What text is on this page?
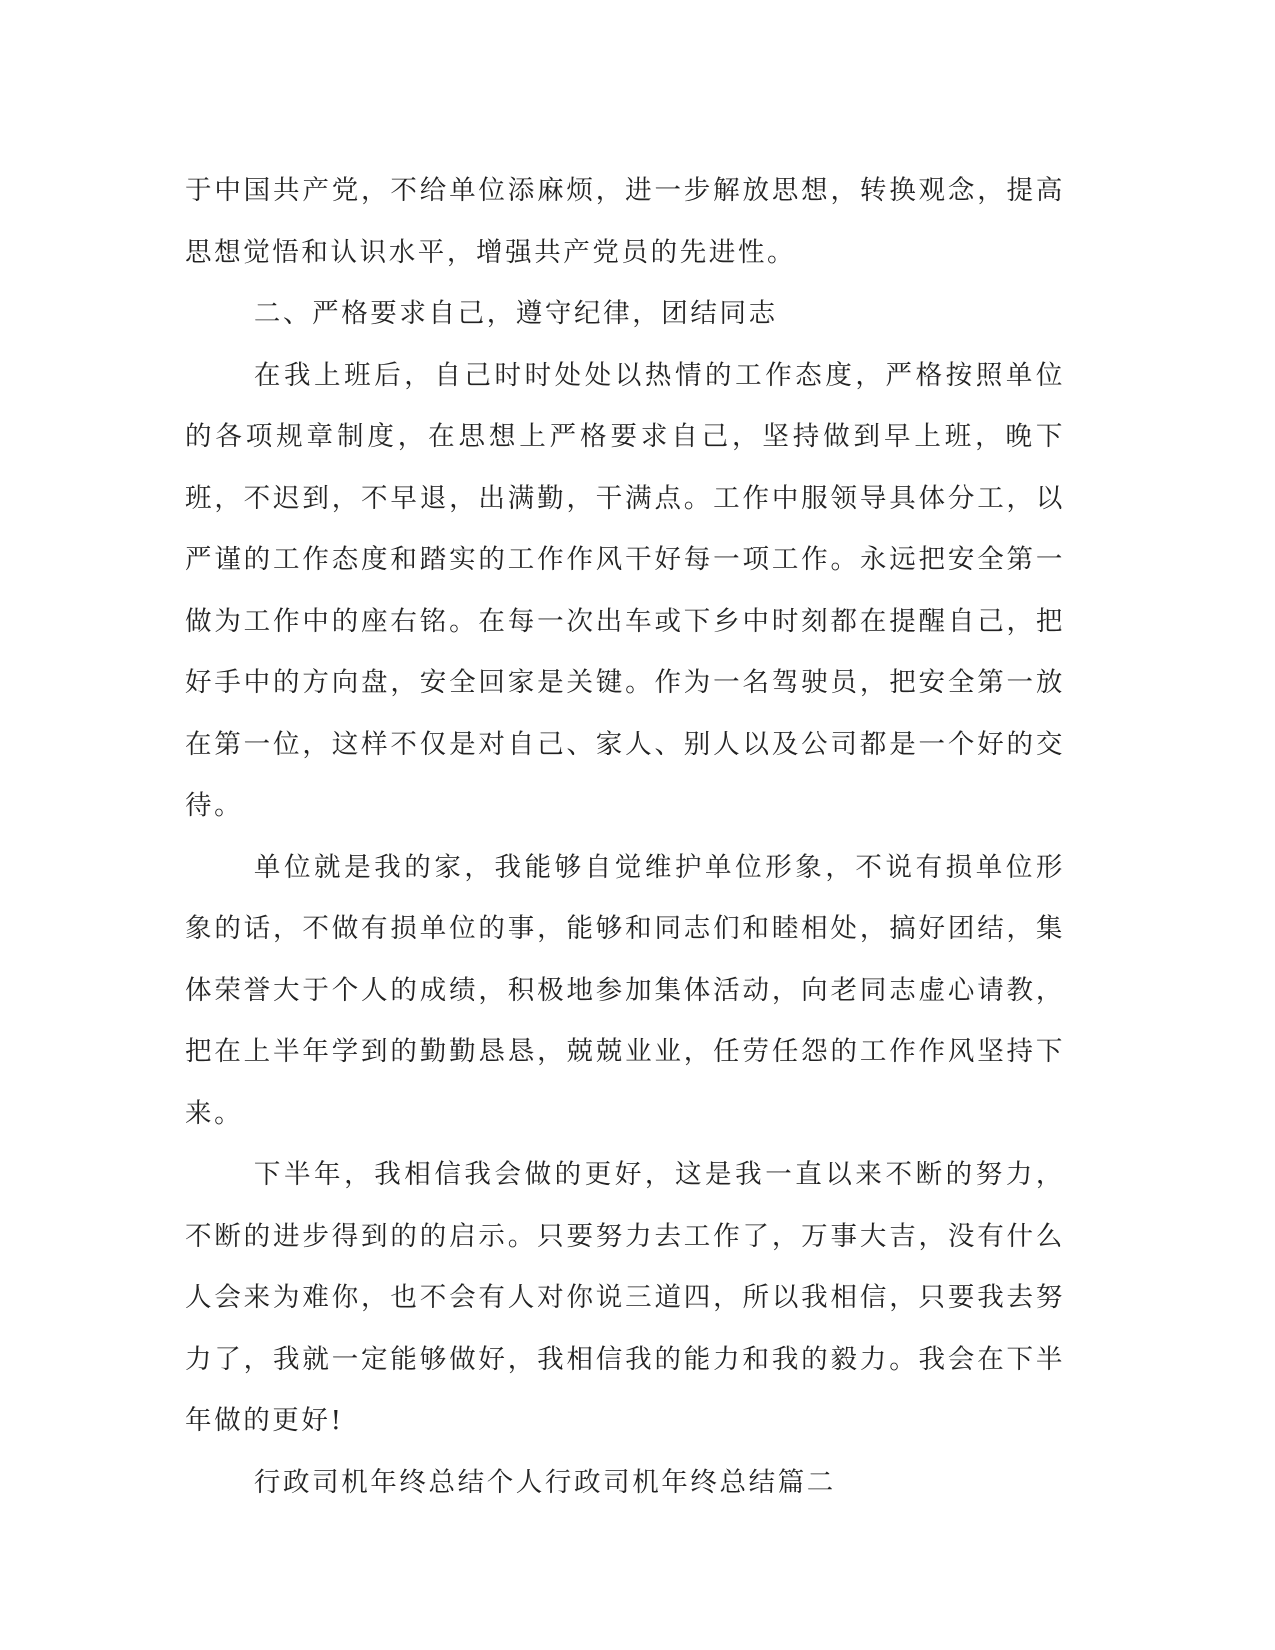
于中国共产党，不给单位添麻烦，进一步解放思想，转换观念，提高思想觉悟和认识水平，增强共产党员的先进性。

二、严格要求自己，遵守纪律，团结同志

在我上班后，自己时时处处以热情的工作态度，严格按照单位的各项规章制度，在思想上严格要求自己，坚持做到早上班，晚下班，不迟到，不早退，出满勤，干满点。工作中服领导具体分工，以严谨的工作态度和踏实的工作作风干好每一项工作。永远把安全第一做为工作中的座右铭。在每一次出车或下乡中时刻都在提醒自己，把好手中的方向盘，安全回家是关键。作为一名驾驶员，把安全第一放在第一位，这样不仅是对自己、家人、别人以及公司都是一个好的交待。

单位就是我的家，我能够自觉维护单位形象，不说有损单位形象的话，不做有损单位的事，能够和同志们和睦相处，搞好团结，集体荣誉大于个人的成绩，积极地参加集体活动，向老同志虚心请教，把在上半年学到的勤勤恳恳，兢兢业业，任劳任怨的工作作风坚持下来。

下半年，我相信我会做的更好，这是我一直以来不断的努力，不断的进步得到的的启示。只要努力去工作了，万事大吉，没有什么人会来为难你，也不会有人对你说三道四，所以我相信，只要我去努力了，我就一定能够做好，我相信我的能力和我的毅力。我会在下半年做的更好!

行政司机年终总结个人行政司机年终总结篇二
